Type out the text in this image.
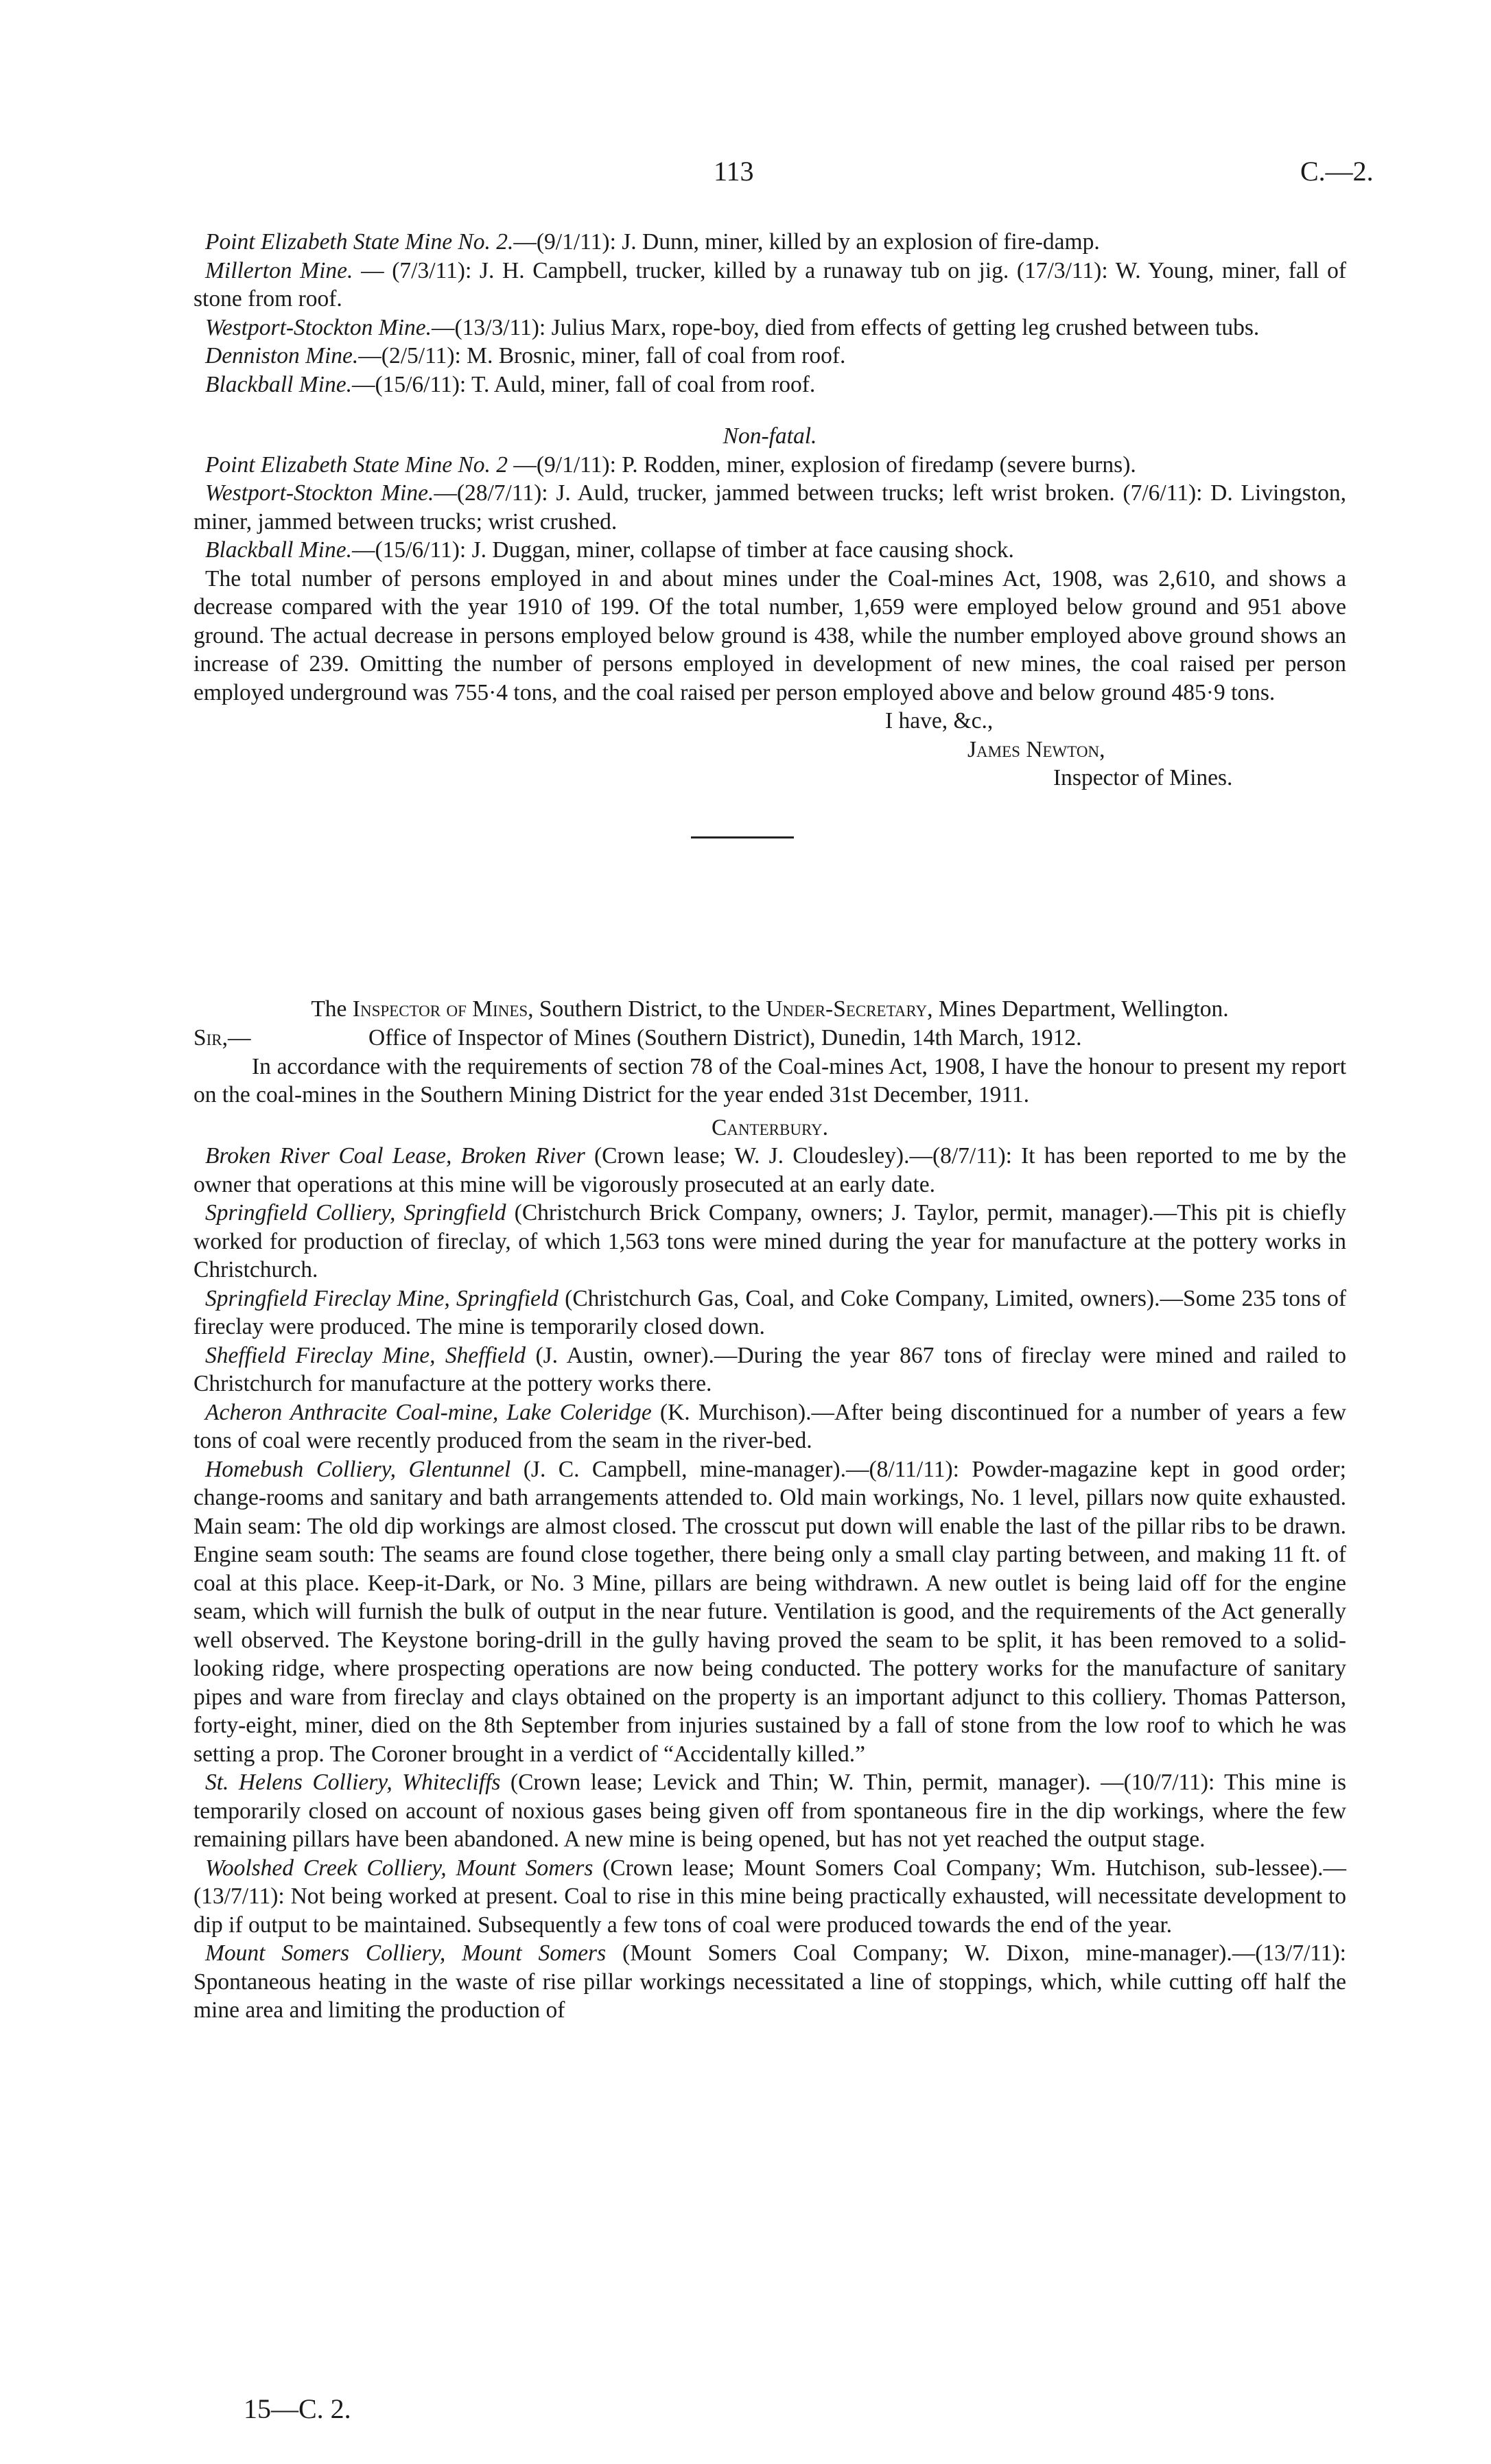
113	C.—2.

Point Elizabeth State Mine No. 2.—(9/1/11): J. Dunn, miner, killed by an explosion of fire-damp.

Millerton Mine. — (7/3/11): J. H. Campbell, trucker, killed by a runaway tub on jig. (17/3/11): W. Young, miner, fall of stone from roof.

Westport-Stockton Mine.—(13/3/11): Julius Marx, rope-boy, died from effects of getting leg crushed between tubs.

Denniston Mine.—(2/5/11): M. Brosnic, miner, fall of coal from roof.

Blackball Mine.—(15/6/11): T. Auld, miner, fall of coal from roof.

Non-fatal.

Point Elizabeth State Mine No. 2 —(9/1/11): P. Rodden, miner, explosion of firedamp (severe burns).

Westport-Stockton Mine.—(28/7/11): J. Auld, trucker, jammed between trucks; left wrist broken. (7/6/11): D. Livingston, miner, jammed between trucks; wrist crushed.

Blackball Mine.—(15/6/11): J. Duggan, miner, collapse of timber at face causing shock.

The total number of persons employed in and about mines under the Coal-mines Act, 1908, was 2,610, and shows a decrease compared with the year 1910 of 199. Of the total number, 1,659 were employed below ground and 951 above ground. The actual decrease in persons employed below ground is 438, while the number employed above ground shows an increase of 239. Omitting the number of persons employed in development of new mines, the coal raised per person employed underground was 755·4 tons, and the coal raised per person employed above and below ground 485·9 tons.

I have, &c.,

James Newton,

Inspector of Mines.

The Inspector of Mines, Southern District, to the Under-Secretary, Mines Department, Wellington.

Sir,—	Office of Inspector of Mines (Southern District), Dunedin, 14th March, 1912.

In accordance with the requirements of section 78 of the Coal-mines Act, 1908, I have the honour to present my report on the coal-mines in the Southern Mining District for the year ended 31st December, 1911.

Canterbury.

Broken River Coal Lease, Broken River (Crown lease; W. J. Cloudesley).—(8/7/11): It has been reported to me by the owner that operations at this mine will be vigorously prosecuted at an early date.

Springfield Colliery, Springfield (Christchurch Brick Company, owners; J. Taylor, permit, manager).—This pit is chiefly worked for production of fireclay, of which 1,563 tons were mined during the year for manufacture at the pottery works in Christchurch.

Springfield Fireclay Mine, Springfield (Christchurch Gas, Coal, and Coke Company, Limited, owners).—Some 235 tons of fireclay were produced. The mine is temporarily closed down.

Sheffield Fireclay Mine, Sheffield (J. Austin, owner).—During the year 867 tons of fireclay were mined and railed to Christchurch for manufacture at the pottery works there.

Acheron Anthracite Coal-mine, Lake Coleridge (K. Murchison).—After being discontinued for a number of years a few tons of coal were recently produced from the seam in the river-bed.

Homebush Colliery, Glentunnel (J. C. Campbell, mine-manager).—(8/11/11): Powder-magazine kept in good order; change-rooms and sanitary and bath arrangements attended to. Old main workings, No. 1 level, pillars now quite exhausted. Main seam: The old dip workings are almost closed. The crosscut put down will enable the last of the pillar ribs to be drawn. Engine seam south: The seams are found close together, there being only a small clay parting between, and making 11 ft. of coal at this place. Keep-it-Dark, or No. 3 Mine, pillars are being withdrawn. A new outlet is being laid off for the engine seam, which will furnish the bulk of output in the near future. Ventilation is good, and the requirements of the Act generally well observed. The Keystone boring-drill in the gully having proved the seam to be split, it has been removed to a solid-looking ridge, where prospecting operations are now being conducted. The pottery works for the manufacture of sanitary pipes and ware from fireclay and clays obtained on the property is an important adjunct to this colliery. Thomas Patterson, forty-eight, miner, died on the 8th September from injuries sustained by a fall of stone from the low roof to which he was setting a prop. The Coroner brought in a verdict of “Accidentally killed.”

St. Helens Colliery, Whitecliffs (Crown lease; Levick and Thin; W. Thin, permit, manager). —(10/7/11): This mine is temporarily closed on account of noxious gases being given off from spontaneous fire in the dip workings, where the few remaining pillars have been abandoned. A new mine is being opened, but has not yet reached the output stage.

Woolshed Creek Colliery, Mount Somers (Crown lease; Mount Somers Coal Company; Wm. Hutchison, sub-lessee).—(13/7/11): Not being worked at present. Coal to rise in this mine being practically exhausted, will necessitate development to dip if output to be maintained. Subsequently a few tons of coal were produced towards the end of the year.

Mount Somers Colliery, Mount Somers (Mount Somers Coal Company; W. Dixon, mine-manager).—(13/7/11): Spontaneous heating in the waste of rise pillar workings necessitated a line of stoppings, which, while cutting off half the mine area and limiting the production of

15—C. 2.
